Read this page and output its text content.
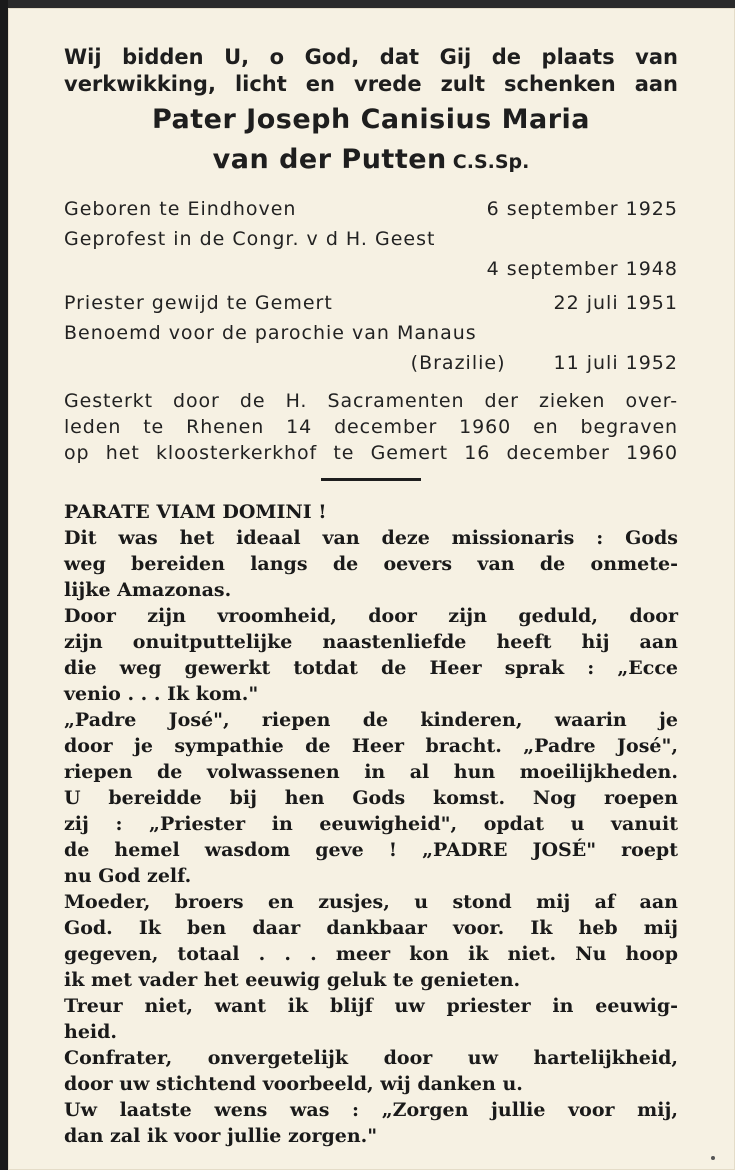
Wij bidden U, o God, dat Gij de plaats van
verkwikking, licht en vrede zult schenken aan

Pater Joseph Canisius Maria
van der Putten C.S.Sp.
Geboren te Eindhoven	6 september 1925
Geprofest in de Congr. v d H. Geest
4 september 1948
Priester gewijd te Gemert	22 juli 1951
Benoemd voor de parochie van Manaus
(Brazilie)	11 juli 1952
Gesterkt door de H. Sacramenten der zieken over-
leden te Rhenen 14 december 1960 en begraven
op het kloosterkerkhof te Gemert 16 december 1960
PARATE VIAM DOMINI !
Dit was het ideaal van deze missionaris : Gods
weg bereiden langs de oevers van de onmete-
lijke Amazonas.
Door zijn vroomheid, door zijn geduld, door
zijn onuitputtelijke naastenliefde heeft hij aan
die weg gewerkt totdat de Heer sprak : „Ecce
venio . . . Ik kom."
„Padre José", riepen de kinderen, waarin je
door je sympathie de Heer bracht. „Padre José",
riepen de volwassenen in al hun moeilijkheden.
U bereidde bij hen Gods komst. Nog roepen
zij : „Priester in eeuwigheid", opdat u vanuit
de hemel wasdom geve ! „PADRE JOSÉ" roept
nu God zelf.
Moeder, broers en zusjes, u stond mij af aan
God. Ik ben daar dankbaar voor. Ik heb mij
gegeven, totaal . . . meer kon ik niet. Nu hoop
ik met vader het eeuwig geluk te genieten.
Treur niet, want ik blijf uw priester in eeuwig-
heid.
Confrater, onvergetelijk door uw hartelijkheid,
door uw stichtend voorbeeld, wij danken u.
Uw laatste wens was : „Zorgen jullie voor mij,
dan zal ik voor jullie zorgen."
